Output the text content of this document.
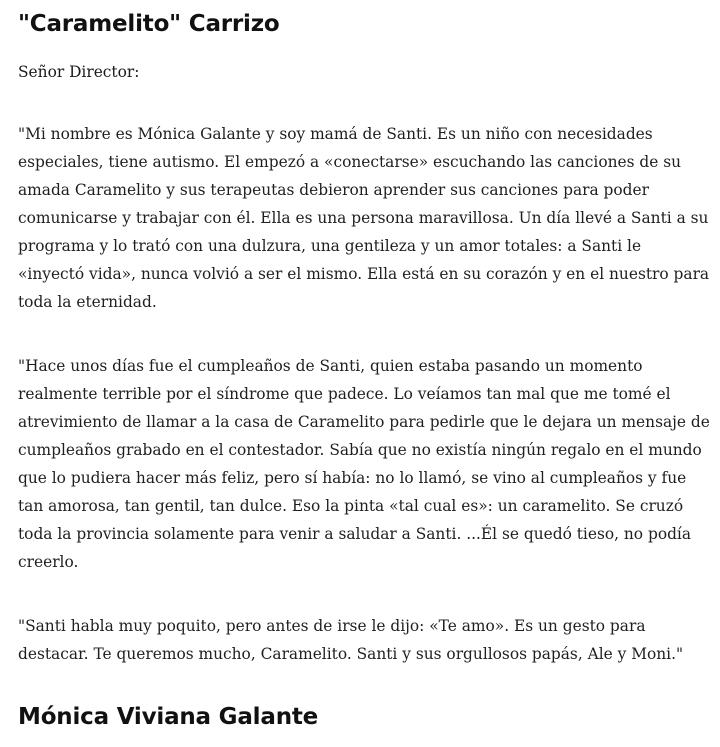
"Caramelito" Carrizo

Señor Director:

"Mi nombre es Mónica Galante y soy mamá de Santi. Es un niño con necesidades especiales, tiene autismo. El empezó a «conectarse» escuchando las canciones de su amada Caramelito y sus terapeutas debieron aprender sus canciones para poder comunicarse y trabajar con él. Ella es una persona maravillosa. Un día llevé a Santi a su programa y lo trató con una dulzura, una gentileza y un amor totales: a Santi le «inyectó vida», nunca volvió a ser el mismo. Ella está en su corazón y en el nuestro para toda la eternidad.

"Hace unos días fue el cumpleaños de Santi, quien estaba pasando un momento realmente terrible por el síndrome que padece. Lo veíamos tan mal que me tomé el atrevimiento de llamar a la casa de Caramelito para pedirle que le dejara un mensaje de cumpleaños grabado en el contestador. Sabía que no existía ningún regalo en el mundo que lo pudiera hacer más feliz, pero sí había: no lo llamó, se vino al cumpleaños y fue tan amorosa, tan gentil, tan dulce. Eso la pinta «tal cual es»: un caramelito. Se cruzó toda la provincia solamente para venir a saludar a Santi. ...Él se quedó tieso, no podía creerlo.

"Santi habla muy poquito, pero antes de irse le dijo: «Te amo». Es un gesto para destacar. Te queremos mucho, Caramelito. Santi y sus orgullosos papás, Ale y Moni."

Mónica Viviana Galante
